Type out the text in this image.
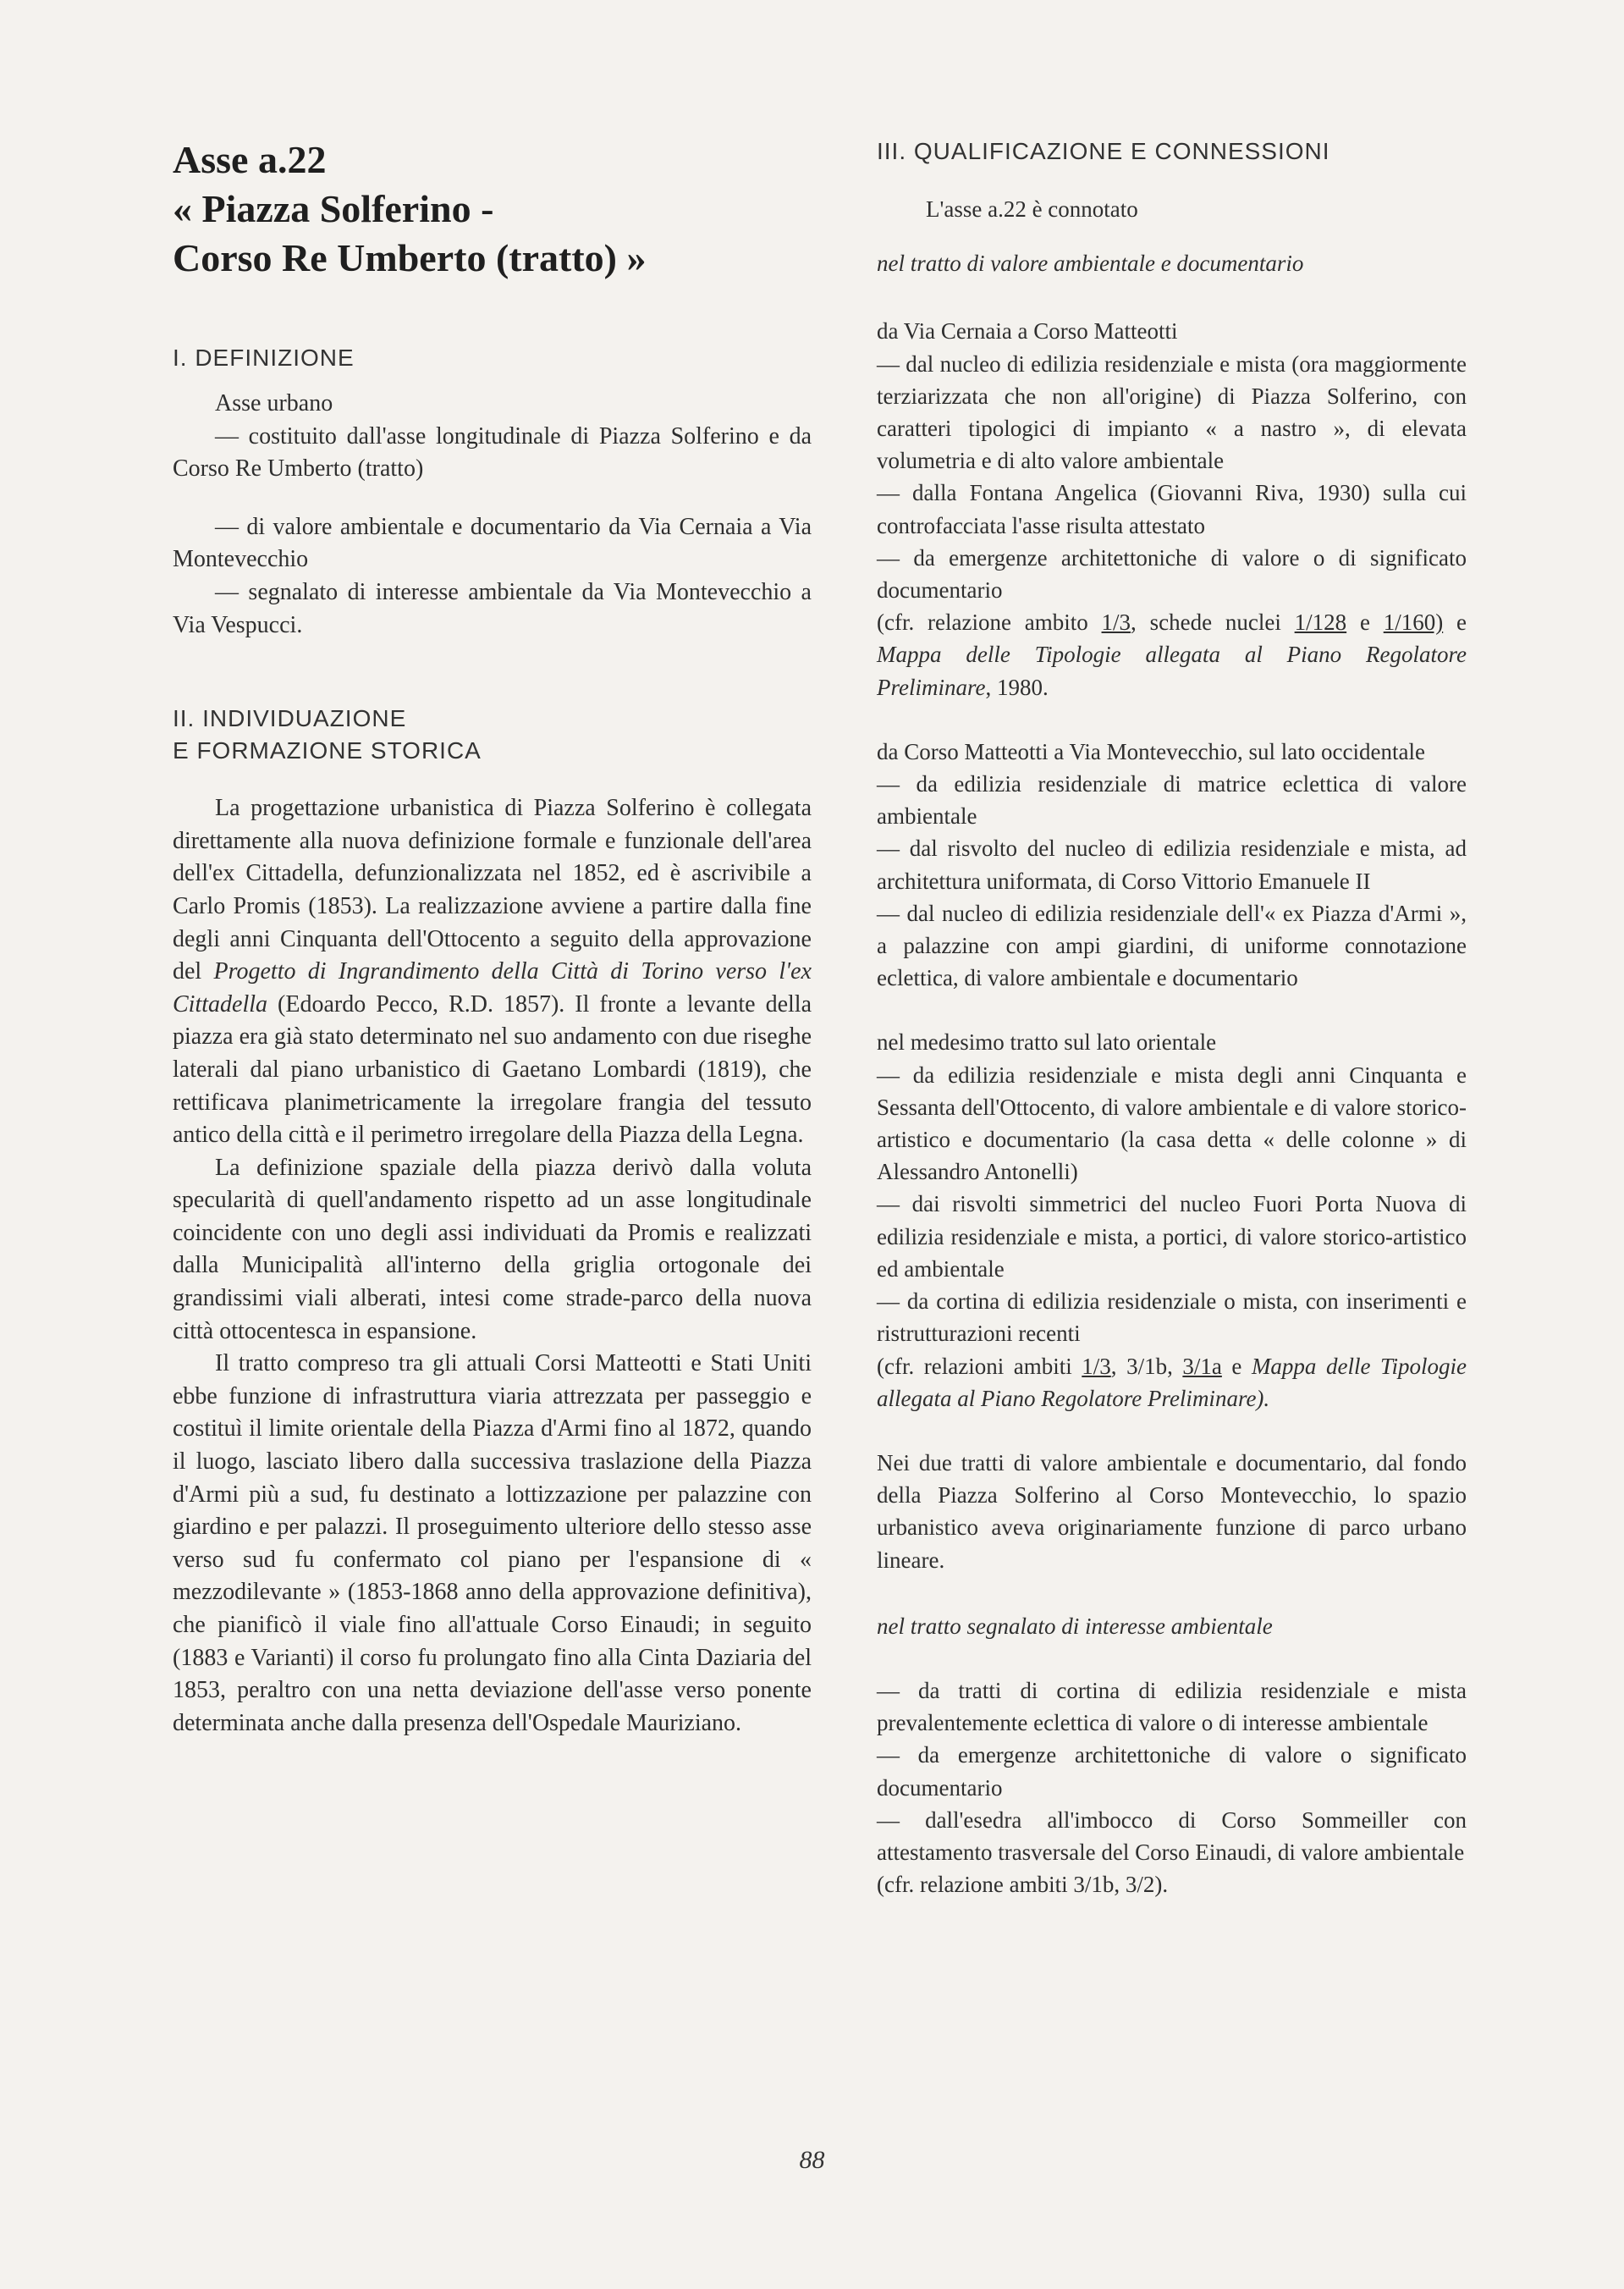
Asse a.22
« Piazza Solferino -
Corso Re Umberto (tratto) »
I. DEFINIZIONE
Asse urbano
— costituito dall'asse longitudinale di Piazza Solferino e da Corso Re Umberto (tratto)
— di valore ambientale e documentario da Via Cernaia a Via Montevecchio
— segnalato di interesse ambientale da Via Montevecchio a Via Vespucci.
II. INDIVIDUAZIONE
E FORMAZIONE STORICA
La progettazione urbanistica di Piazza Solferino è collegata direttamente alla nuova definizione formale e funzionale dell'area dell'ex Cittadella, defunzionalizzata nel 1852, ed è ascrivibile a Carlo Promis (1853). La realizzazione avviene a partire dalla fine degli anni Cinquanta dell'Ottocento a seguito della approvazione del Progetto di Ingrandimento della Città di Torino verso l'ex Cittadella (Edoardo Pecco, R.D. 1857). Il fronte a levante della piazza era già stato determinato nel suo andamento con due riseghe laterali dal piano urbanistico di Gaetano Lombardi (1819), che rettificava planimetricamente la irregolare frangia del tessuto antico della città e il perimetro irregolare della Piazza della Legna.
La definizione spaziale della piazza derivò dalla voluta specularità di quell'andamento rispetto ad un asse longitudinale coincidente con uno degli assi individuati da Promis e realizzati dalla Municipalità all'interno della griglia ortogonale dei grandissimi viali alberati, intesi come strade-parco della nuova città ottocentesca in espansione.
Il tratto compreso tra gli attuali Corsi Matteotti e Stati Uniti ebbe funzione di infrastruttura viaria attrezzata per passeggio e costituì il limite orientale della Piazza d'Armi fino al 1872, quando il luogo, lasciato libero dalla successiva traslazione della Piazza d'Armi più a sud, fu destinato a lottizzazione per palazzine con giardino e per palazzi. Il proseguimento ulteriore dello stesso asse verso sud fu confermato col piano per l'espansione di « mezzodilevante » (1853-1868 anno della approvazione definitiva), che pianificò il viale fino all'attuale Corso Einaudi; in seguito (1883 e Varianti) il corso fu prolungato fino alla Cinta Daziaria del 1853, peraltro con una netta deviazione dell'asse verso ponente determinata anche dalla presenza dell'Ospedale Mauriziano.
III. QUALIFICAZIONE E CONNESSIONI
L'asse a.22 è connotato
nel tratto di valore ambientale e documentario
da Via Cernaia a Corso Matteotti
— dal nucleo di edilizia residenziale e mista (ora maggiormente terziarizzata che non all'origine) di Piazza Solferino, con caratteri tipologici di impianto « a nastro », di elevata volumetria e di alto valore ambientale
— dalla Fontana Angelica (Giovanni Riva, 1930) sulla cui controfacciata l'asse risulta attestato
— da emergenze architettoniche di valore o di significato documentario
(cfr. relazione ambito 1/3, schede nuclei 1/128 e 1/160) e Mappa delle Tipologie allegata al Piano Regolatore Preliminare, 1980.
da Corso Matteotti a Via Montevecchio, sul lato occidentale
— da edilizia residenziale di matrice eclettica di valore ambientale
— dal risvolto del nucleo di edilizia residenziale e mista, ad architettura uniformata, di Corso Vittorio Emanuele II
— dal nucleo di edilizia residenziale dell'« ex Piazza d'Armi », a palazzine con ampi giardini, di uniforme connotazione eclettica, di valore ambientale e documentario
nel medesimo tratto sul lato orientale
— da edilizia residenziale e mista degli anni Cinquanta e Sessanta dell'Ottocento, di valore ambientale e di valore storico-artistico e documentario (la casa detta « delle colonne » di Alessandro Antonelli)
— dai risvolti simmetrici del nucleo Fuori Porta Nuova di edilizia residenziale e mista, a portici, di valore storico-artistico ed ambientale
— da cortina di edilizia residenziale o mista, con inserimenti e ristrutturazioni recenti
(cfr. relazioni ambiti 1/3, 3/1b, 3/1a e Mappa delle Tipologie allegata al Piano Regolatore Preliminare).
Nei due tratti di valore ambientale e documentario, dal fondo della Piazza Solferino al Corso Montevecchio, lo spazio urbanistico aveva originariamente funzione di parco urbano lineare.
nel tratto segnalato di interesse ambientale
— da tratti di cortina di edilizia residenziale e mista prevalentemente eclettica di valore o di interesse ambientale
— da emergenze architettoniche di valore o significato documentario
— dall'esedra all'imbocco di Corso Sommeiller con attestamento trasversale del Corso Einaudi, di valore ambientale
(cfr. relazione ambiti 3/1b, 3/2).
88
